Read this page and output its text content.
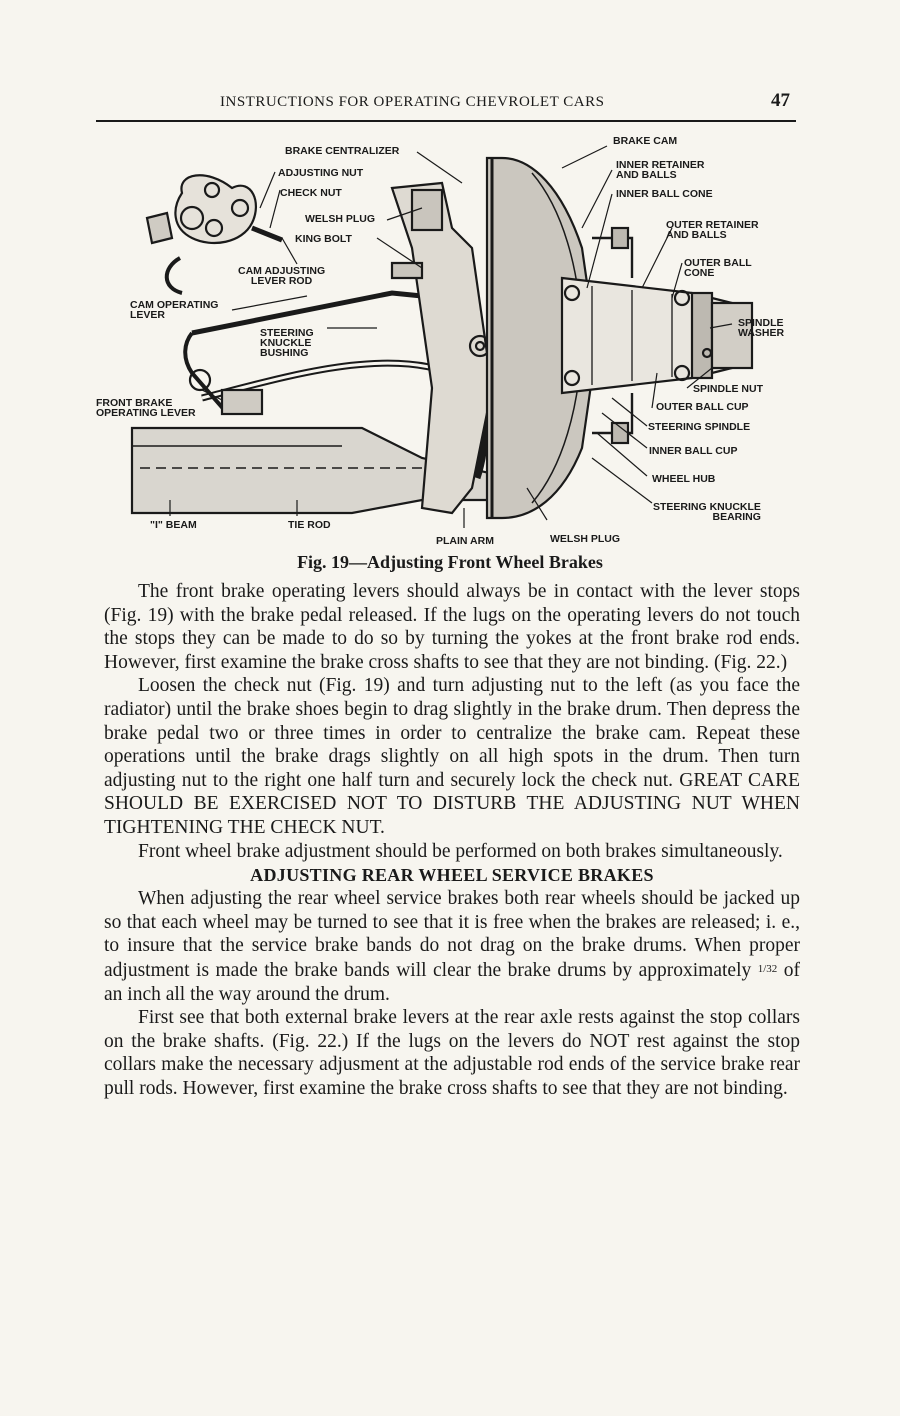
INSTRUCTIONS FOR OPERATING CHEVROLET CARS	47
BRAKE CENTRALIZER
ADJUSTING NUT
CHECK NUT
WELSH PLUG
KING BOLT
CAM ADJUSTING
LEVER ROD
CAM OPERATING
LEVER
STEERING
KNUCKLE
BUSHING
FRONT BRAKE
OPERATING LEVER
"I" BEAM	TIE ROD
PLAIN ARM	WELSH PLUG
BRAKE CAM
INNER RETAINER
AND BALLS
INNER BALL CONE
OUTER RETAINER
AND BALLS
OUTER BALL
CONE
SPINDLE
WASHER
SPINDLE NUT
OUTER BALL CUP
STEERING SPINDLE
INNER BALL CUP
WHEEL HUB
STEERING KNUCKLE
BEARING
Fig. 19—Adjusting Front Wheel Brakes

The front brake operating levers should always be in contact with the lever stops (Fig. 19) with the brake pedal released. If the lugs on the operating levers do not touch the stops they can be made to do so by turning the yokes at the front brake rod ends. However, first examine the brake cross shafts to see that they are not binding. (Fig. 22.)

Loosen the check nut (Fig. 19) and turn adjusting nut to the left (as you face the radiator) until the brake shoes begin to drag slightly in the brake drum. Then depress the brake pedal two or three times in order to centralize the brake cam. Repeat these operations until the brake drags slightly on all high spots in the drum. Then turn adjusting nut to the right one half turn and securely lock the check nut. GREAT CARE SHOULD BE EXERCISED NOT TO DISTURB THE ADJUSTING NUT WHEN TIGHTENING THE CHECK NUT.

Front wheel brake adjustment should be performed on both brakes simultaneously.

ADJUSTING REAR WHEEL SERVICE BRAKES

When adjusting the rear wheel service brakes both rear wheels should be jacked up so that each wheel may be turned to see that it is free when the brakes are released; i. e., to insure that the service brake bands do not drag on the brake drums. When proper adjustment is made the brake bands will clear the brake drums by approximately $^{1/32}$ of an inch all the way around the drum.

First see that both external brake levers at the rear axle rests against the stop collars on the brake shafts. (Fig. 22.) If the lugs on the levers do NOT rest against the stop collars make the necessary adjusment at the adjustable rod ends of the service brake rear pull rods. However, first examine the brake cross shafts to see that they are not binding.
